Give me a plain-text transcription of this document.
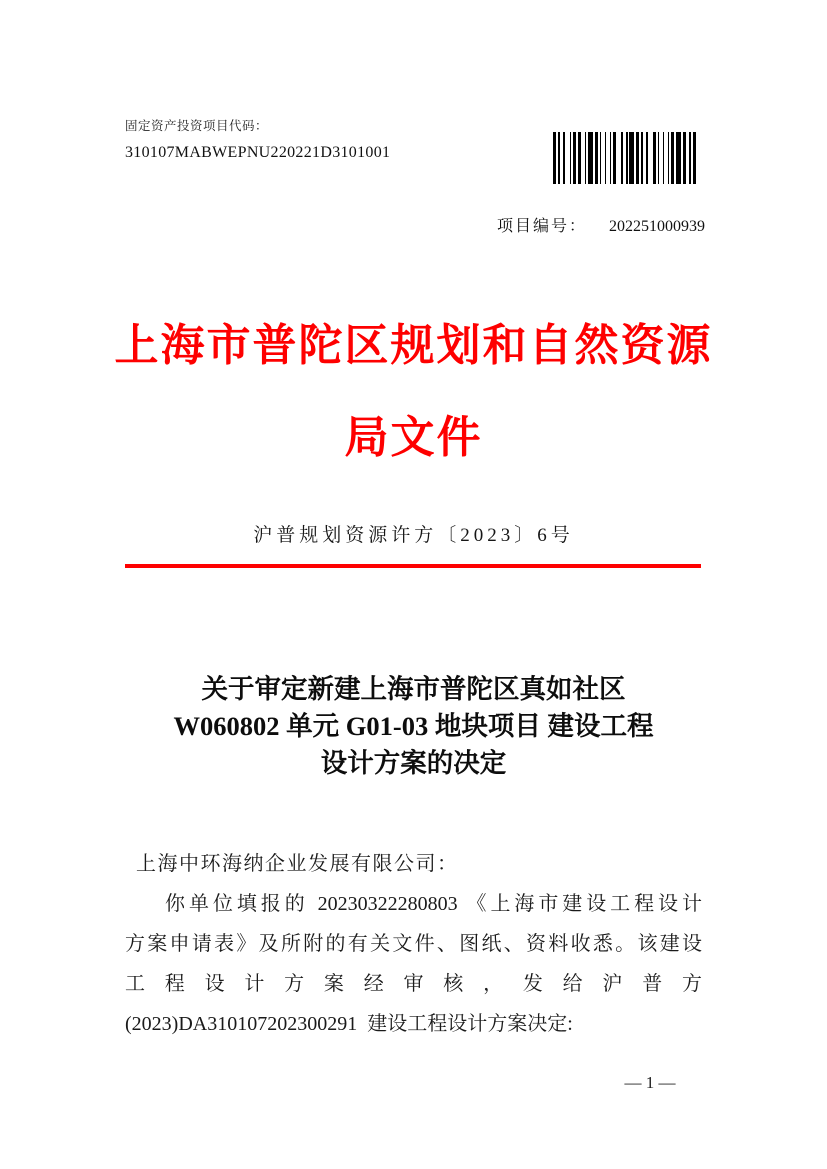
固定资产投资项目代码：
310107MABWEPNU220221D3101001
项目编号： 202251000939
上海市普陀区规划和自然资源
局文件
沪普规划资源许方〔2023〕6号
关于审定新建上海市普陀区真如社区
W060802 单元 G01-03 地块项目 建设工程
设计方案的决定
上海中环海纳企业发展有限公司：
你单位填报的 20230322280803 《上海市建设工程设计
方案申请表》及所附的有关文件、图纸、资料收悉。该建设
工程设计方案经审核，发给沪普方
(2023)DA310107202300291  建设工程设计方案决定:
— 1 —
